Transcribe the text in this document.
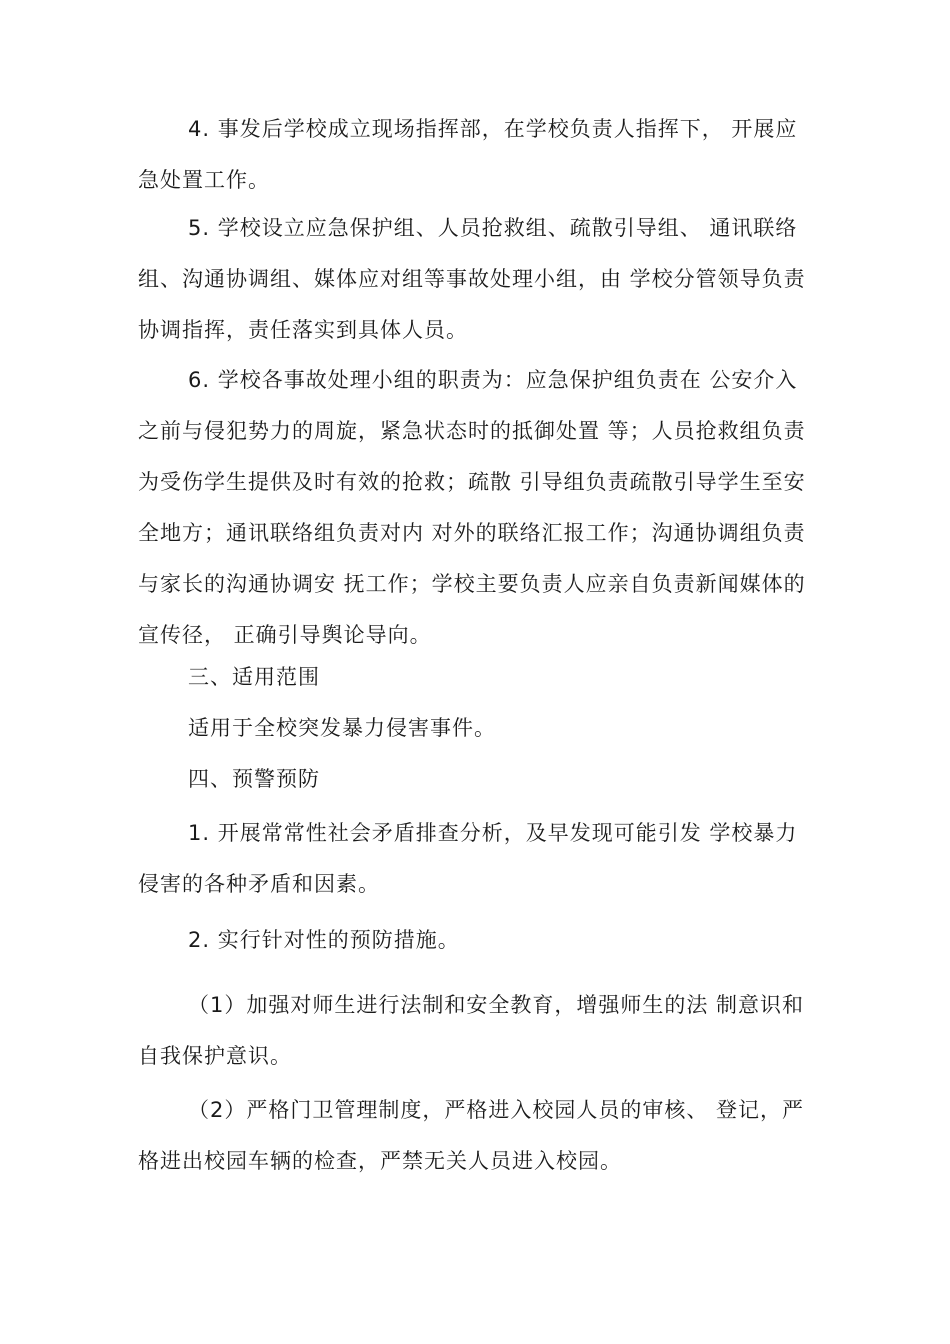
4. 事发后学校成立现场指挥部，在学校负责人指挥下， 开展应
急处置工作。
5. 学校设立应急保护组、人员抢救组、疏散引导组、 通讯联络
组、沟通协调组、媒体应对组等事故处理小组，由 学校分管领导负责
协调指挥，责任落实到具体人员。
6. 学校各事故处理小组的职责为：应急保护组负责在 公安介入
之前与侵犯势力的周旋，紧急状态时的抵御处置 等；人员抢救组负责
为受伤学生提供及时有效的抢救；疏散 引导组负责疏散引导学生至安
全地方；通讯联络组负责对内 对外的联络汇报工作；沟通协调组负责
与家长的沟通协调安 抚工作；学校主要负责人应亲自负责新闻媒体的
宣传径， 正确引导舆论导向。
三、适用范围
适用于全校突发暴力侵害事件。
四、预警预防
1. 开展常常性社会矛盾排查分析，及早发现可能引发 学校暴力
侵害的各种矛盾和因素。
2. 实行针对性的预防措施。
（1）加强对师生进行法制和安全教育，增强师生的法 制意识和
自我保护意识。
（2）严格门卫管理制度，严格进入校园人员的审核、 登记，严
格进出校园车辆的检查，严禁无关人员进入校园。
